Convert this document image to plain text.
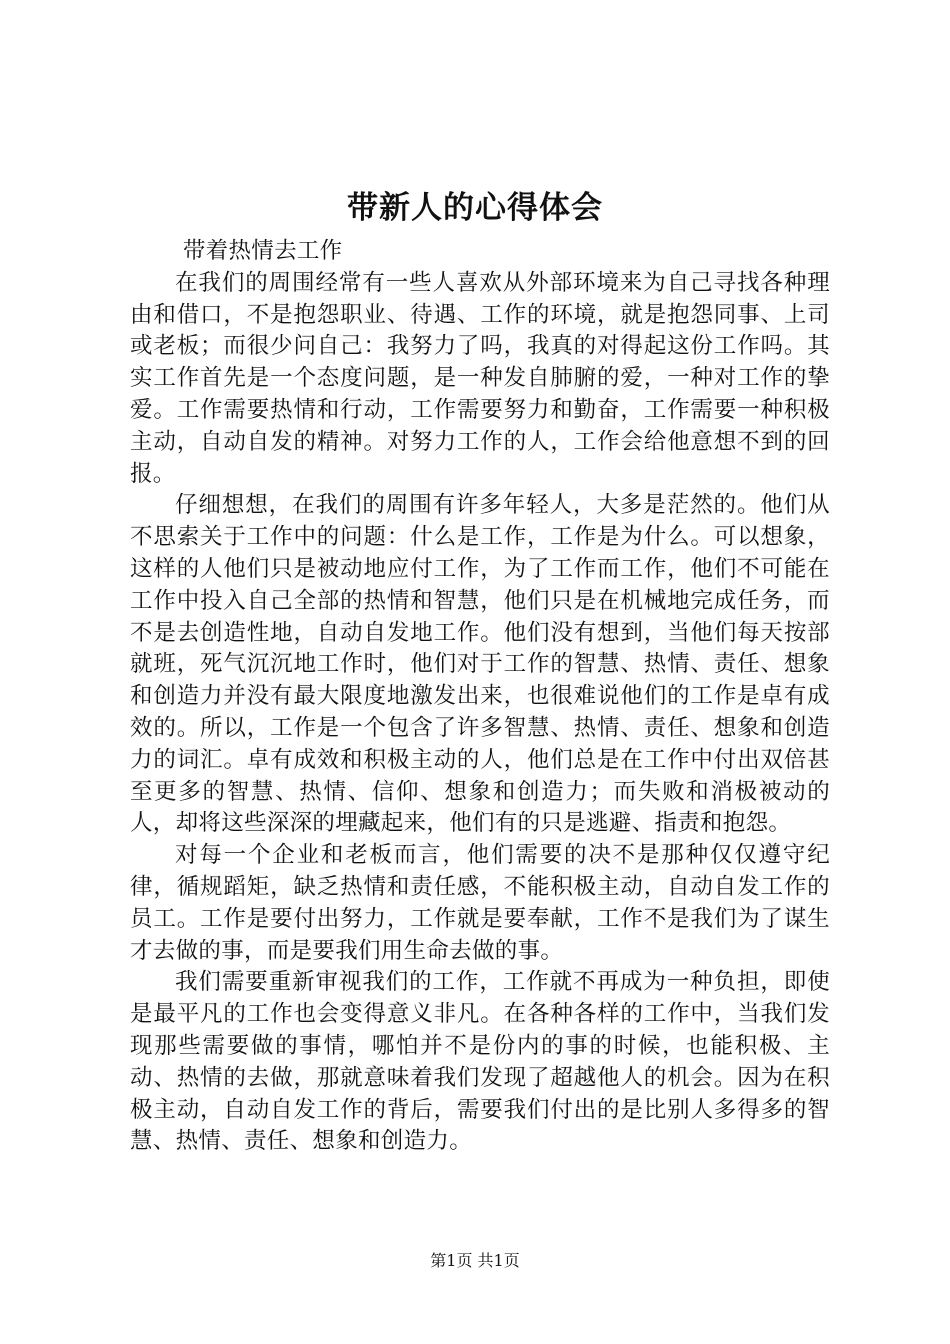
带新人的心得体会

带着热情去工作

在我们的周围经常有一些人喜欢从外部环境来为自己寻找各种理由和借口，不是抱怨职业、待遇、工作的环境，就是抱怨同事、上司或老板；而很少问自己：我努力了吗，我真的对得起这份工作吗。其实工作首先是一个态度问题，是一种发自肺腑的爱，一种对工作的挚爱。工作需要热情和行动，工作需要努力和勤奋，工作需要一种积极主动，自动自发的精神。对努力工作的人，工作会给他意想不到的回报。

仔细想想，在我们的周围有许多年轻人，大多是茫然的。他们从不思索关于工作中的问题：什么是工作，工作是为什么。可以想象，这样的人他们只是被动地应付工作，为了工作而工作，他们不可能在工作中投入自己全部的热情和智慧，他们只是在机械地完成任务，而不是去创造性地，自动自发地工作。他们没有想到，当他们每天按部就班，死气沉沉地工作时，他们对于工作的智慧、热情、责任、想象和创造力并没有最大限度地激发出来，也很难说他们的工作是卓有成效的。所以，工作是一个包含了许多智慧、热情、责任、想象和创造力的词汇。卓有成效和积极主动的人，他们总是在工作中付出双倍甚至更多的智慧、热情、信仰、想象和创造力；而失败和消极被动的人，却将这些深深的埋藏起来，他们有的只是逃避、指责和抱怨。

对每一个企业和老板而言，他们需要的决不是那种仅仅遵守纪律，循规蹈矩，缺乏热情和责任感，不能积极主动，自动自发工作的员工。工作是要付出努力，工作就是要奉献，工作不是我们为了谋生才去做的事，而是要我们用生命去做的事。

我们需要重新审视我们的工作，工作就不再成为一种负担，即使是最平凡的工作也会变得意义非凡。在各种各样的工作中，当我们发现那些需要做的事情，哪怕并不是份内的事的时候，也能积极、主动、热情的去做，那就意味着我们发现了超越他人的机会。因为在积极主动，自动自发工作的背后，需要我们付出的是比别人多得多的智慧、热情、责任、想象和创造力。

第1页 共1页
